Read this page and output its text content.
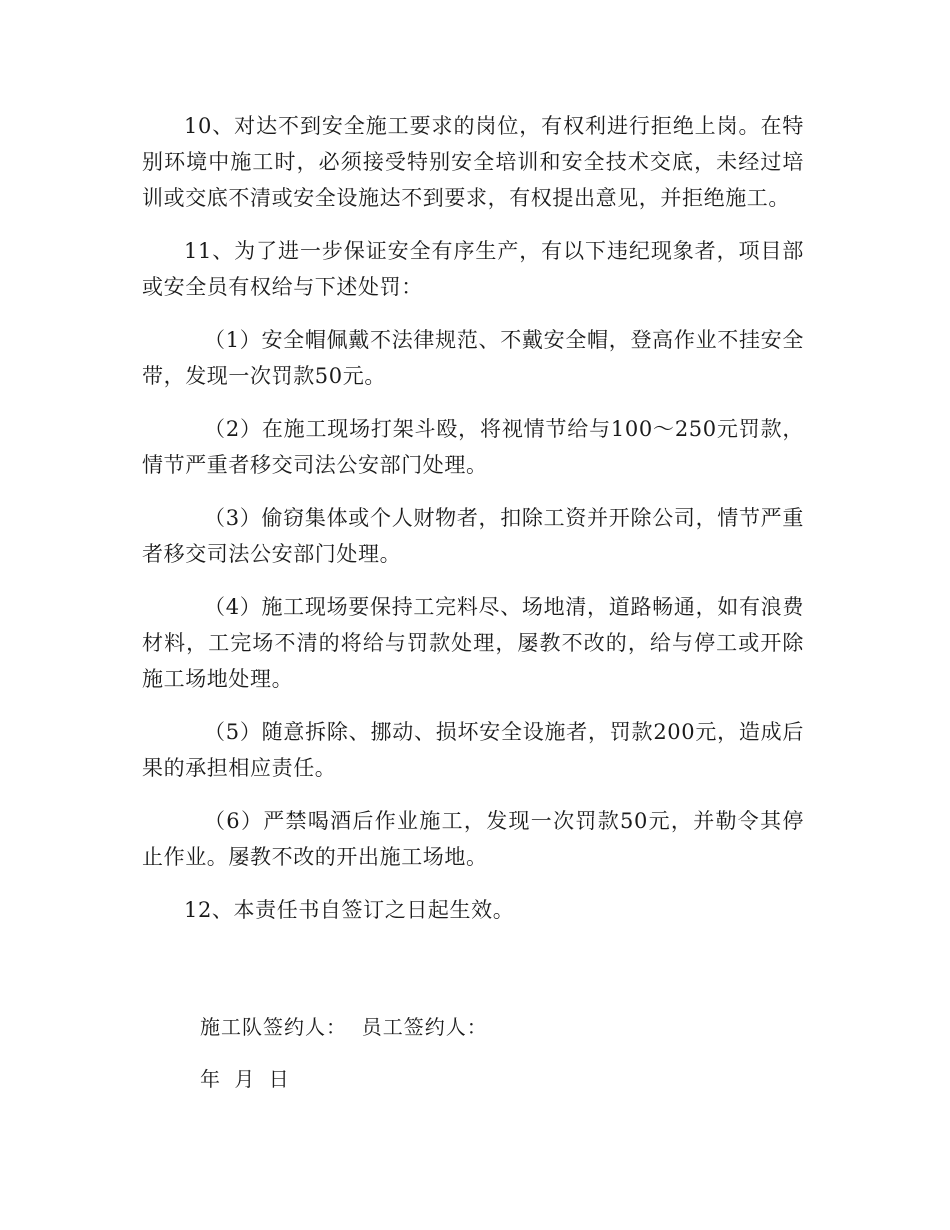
10、对达不到安全施工要求的岗位，有权利进行拒绝上岗。在特别环境中施工时，必须接受特别安全培训和安全技术交底，未经过培训或交底不清或安全设施达不到要求，有权提出意见，并拒绝施工。

11、为了进一步保证安全有序生产，有以下违纪现象者，项目部或安全员有权给与下述处罚：

（1）安全帽佩戴不法律规范、不戴安全帽，登高作业不挂安全带，发现一次罚款50元。

（2）在施工现场打架斗殴，将视情节给与100～250元罚款，情节严重者移交司法公安部门处理。

（3）偷窃集体或个人财物者，扣除工资并开除公司，情节严重者移交司法公安部门处理。

（4）施工现场要保持工完料尽、场地清，道路畅通，如有浪费材料，工完场不清的将给与罚款处理，屡教不改的，给与停工或开除施工场地处理。

（5）随意拆除、挪动、损坏安全设施者，罚款200元，造成后果的承担相应责任。

（6）严禁喝酒后作业施工，发现一次罚款50元，并勒令其停止作业。屡教不改的开出施工场地。

12、本责任书自签订之日起生效。

施工队签约人：  员工签约人：
年 月 日
